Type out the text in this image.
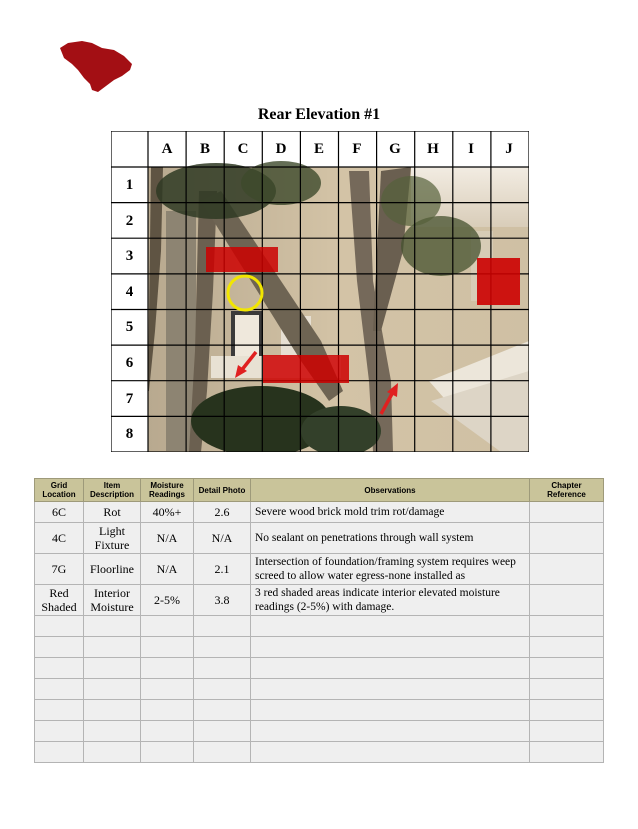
Rear Elevation #1
A	B	C	D	E	F	G	H	I	J
1
2
3
4
5
6
7
8
Grid Location	Item Description	Moisture Readings	Detail Photo	Observations	Chapter Reference
6C	Rot	40%+	2.6	Severe wood brick mold trim rot/damage	
4C	Light Fixture	N/A	N/A	No sealant on penetrations through wall system	
7G	Floorline	N/A	2.1	Intersection of foundation/framing system requires weep screed to allow water egress-none installed as	
Red Shaded	Interior Moisture	2-5%	3.8	3 red shaded areas indicate interior elevated moisture readings (2-5%) with damage.	
